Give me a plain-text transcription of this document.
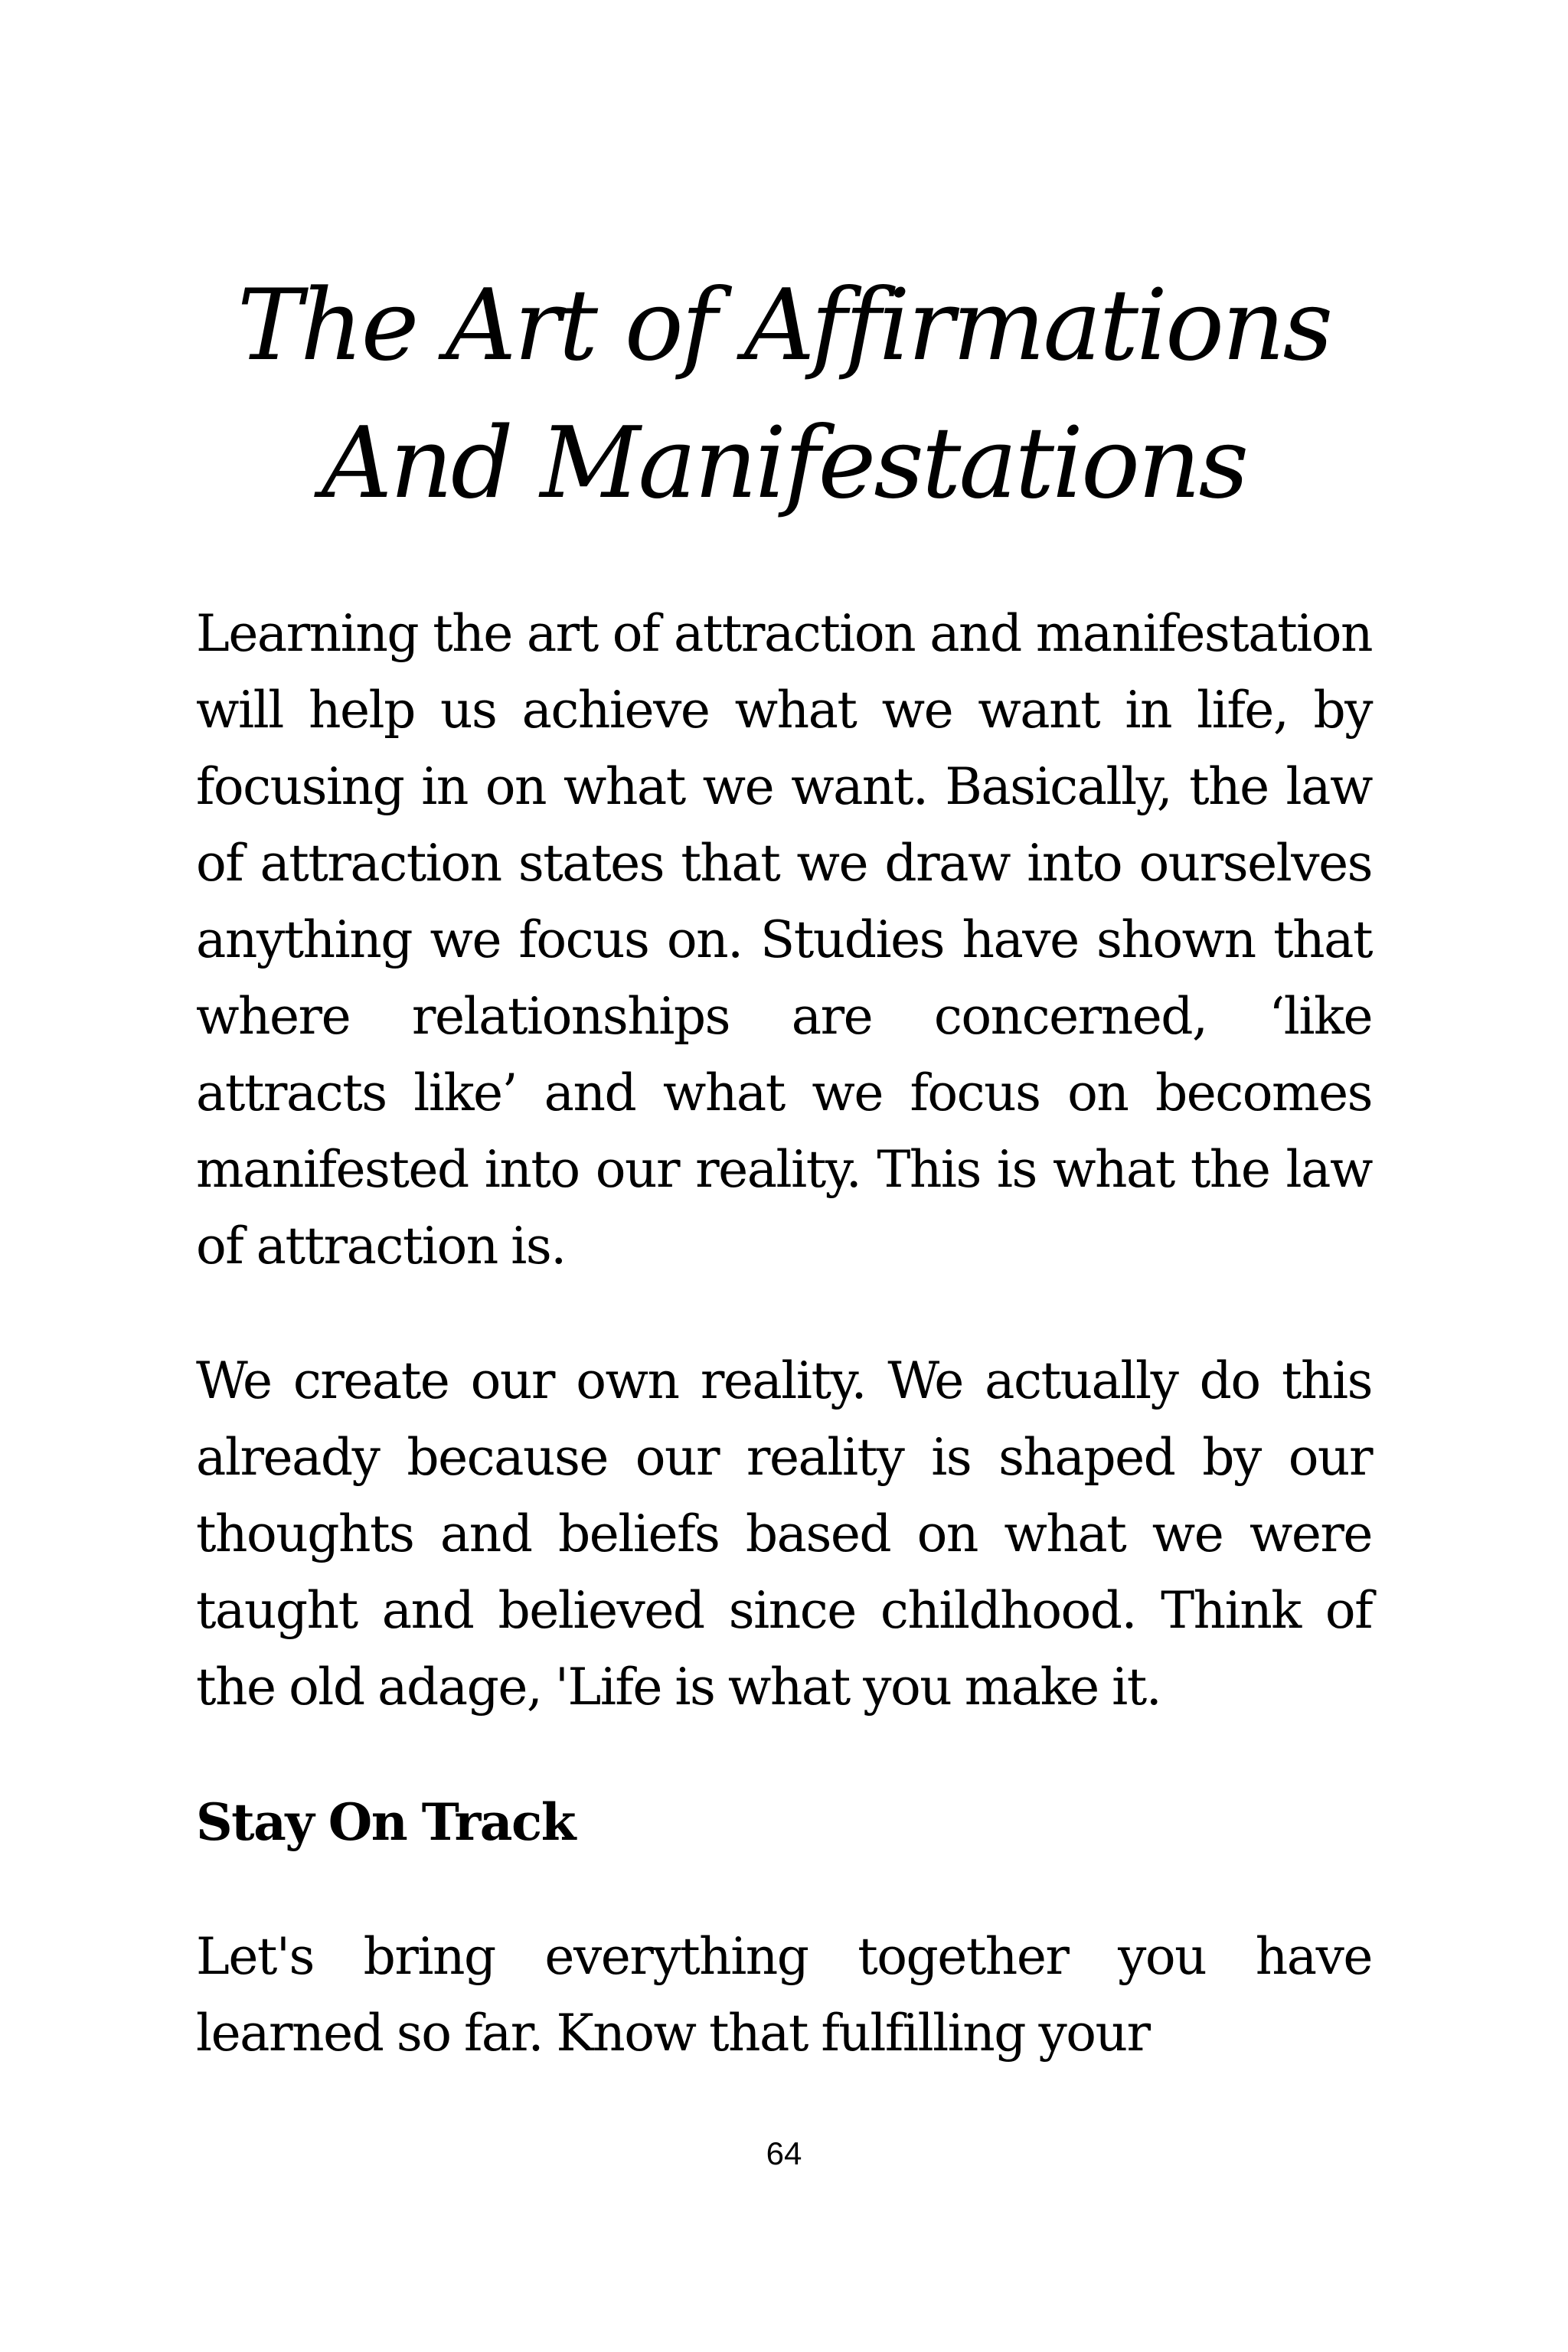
The Art of Affirmations
And Manifestations

Learning the art of attraction and manifestation will help us achieve what we want in life, by focusing in on what we want. Basically, the law of attraction states that we draw into ourselves anything we focus on. Studies have shown that where relationships are concerned, ‘like attracts like’ and what we focus on becomes manifested into our reality. This is what the law of attraction is.

We create our own reality. We actually do this already because our reality is shaped by our thoughts and beliefs based on what we were taught and believed since childhood. Think of the old adage, 'Life is what you make it.

Stay On Track

Let's bring everything together you have learned so far. Know that fulfilling your

64
